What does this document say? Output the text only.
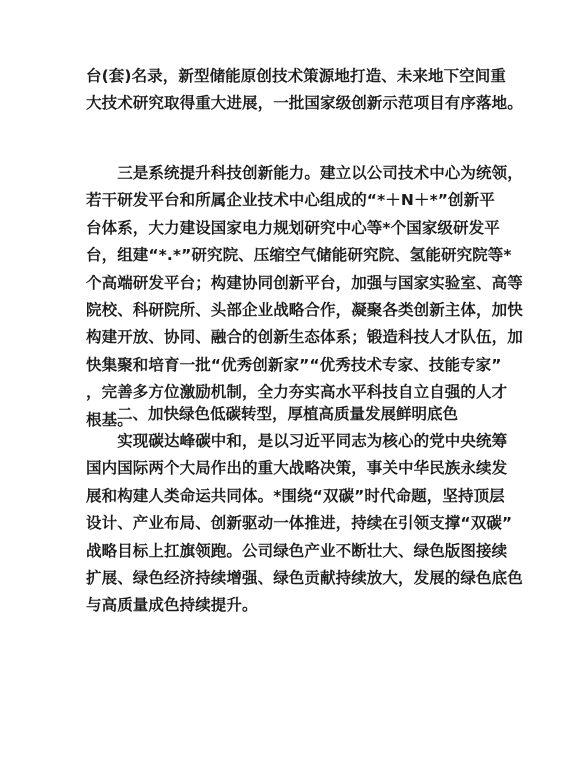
台(套)名录，新型储能原创技术策源地打造、未来地下空间重
大技术研究取得重大进展，一批国家级创新示范项目有序落地。
　　三是系统提升科技创新能力。建立以公司技术中心为统领，
若干研发平台和所属企业技术中心组成的“*＋N＋*”创新平
台体系，大力建设国家电力规划研究中心等*个国家级研发平
台，组建“*.*”研究院、压缩空气储能研究院、氢能研究院等*
个高端研发平台；构建协同创新平台，加强与国家实验室、高等
院校、科研院所、头部企业战略合作，凝聚各类创新主体，加快
构建开放、协同、融合的创新生态体系；锻造科技人才队伍，加
快集聚和培育一批“优秀创新家”“优秀技术专家、技能专家”
，完善多方位激励机制，全力夯实高水平科技自立自强的人才
根基。
二、加快绿色低碳转型，厚植高质量发展鲜明底色
　　实现碳达峰碳中和，是以习近平同志为核心的党中央统筹
国内国际两个大局作出的重大战略决策，事关中华民族永续发
展和构建人类命运共同体。*围绕“双碳”时代命题，坚持顶层
设计、产业布局、创新驱动一体推进，持续在引领支撑“双碳”
战略目标上扛旗领跑。公司绿色产业不断壮大、绿色版图接续
扩展、绿色经济持续增强、绿色贡献持续放大，发展的绿色底色
与高质量成色持续提升。
